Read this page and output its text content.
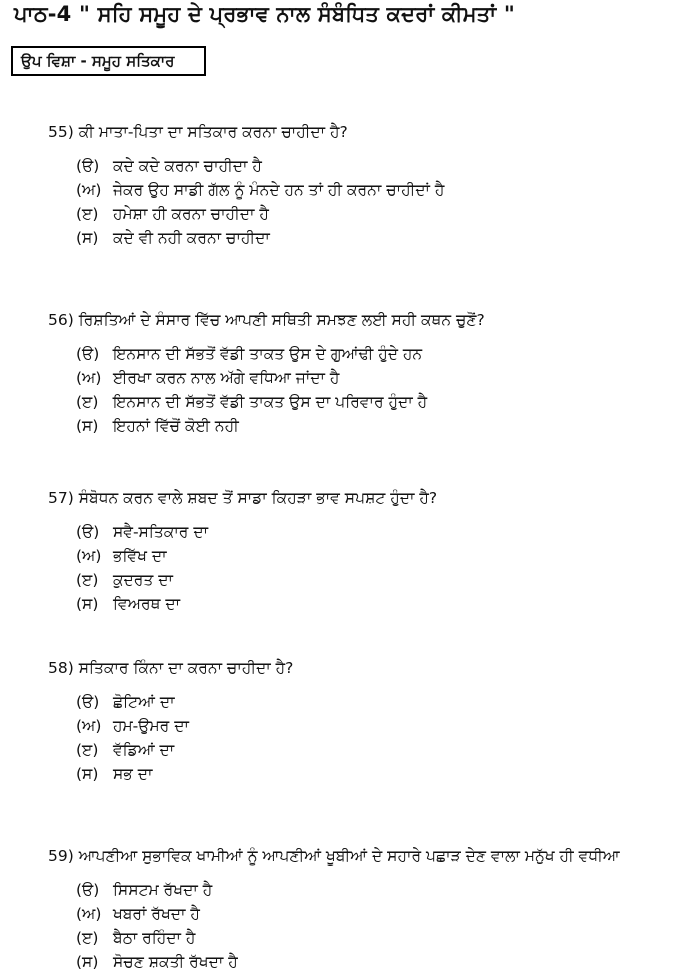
ਪਾਠ-4 " ਸਹਿ ਸਮੂਹ ਦੇ ਪ੍ਰਭਾਵ ਨਾਲ ਸੰਬੰਧਿਤ ਕਦਰਾਂ ਕੀਮਤਾਂ "
ਉਪ ਵਿਸ਼ਾ - ਸਮੂਹ ਸਤਿਕਾਰ
55) ਕੀ ਮਾਤਾ-ਪਿਤਾ ਦਾ ਸਤਿਕਾਰ ਕਰਨਾ ਚਾਹੀਦਾ ਹੈ?
(ੳ) ਕਦੇ ਕਦੇ ਕਰਨਾ ਚਾਹੀਦਾ ਹੈ
(ਅ) ਜੇਕਰ ਉਹ ਸਾਡੀ ਗੱਲ ਨੂੰ ਮੰਨਦੇ ਹਨ ਤਾਂ ਹੀ ਕਰਨਾ ਚਾਹੀਦਾਂ ਹੈ
(ੲ) ਹਮੇਸ਼ਾ ਹੀ ਕਰਨਾ ਚਾਹੀਦਾ ਹੈ
(ਸ) ਕਦੇ ਵੀ ਨਹੀ ਕਰਨਾ ਚਾਹੀਦਾ
56) ਰਿਸ਼ਤਿਆਂ ਦੇ ਸੰਸਾਰ ਵਿੱਚ ਆਪਣੀ ਸਥਿਤੀ ਸਮਝਣ ਲਈ ਸਹੀ ਕਥਨ ਚੁਣੋਂ?
(ੳ) ਇਨਸਾਨ ਦੀ ਸੱਭਤੋਂ ਵੱਡੀ ਤਾਕਤ ਉਸ ਦੇ ਗੁਆਂਢੀ ਹੁੰਦੇ ਹਨ
(ਅ) ਈਰਖਾ ਕਰਨ ਨਾਲ ਅੱਗੇ ਵਧਿਆ ਜਾਂਦਾ ਹੈ
(ੲ) ਇਨਸਾਨ ਦੀ ਸੱਭਤੋਂ ਵੱਡੀ ਤਾਕਤ ਉਸ ਦਾ ਪਰਿਵਾਰ ਹੁੰਦਾ ਹੈ
(ਸ) ਇਹਨਾਂ ਵਿੱਚੋਂ ਕੋਈ ਨਹੀ
57) ਸੰਬੋਧਨ ਕਰਨ ਵਾਲੇ ਸ਼ਬਦ ਤੋਂ ਸਾਡਾ ਕਿਹੜਾ ਭਾਵ ਸਪਸ਼ਟ ਹੁੰਦਾ ਹੈ?
(ੳ) ਸਵੈ-ਸਤਿਕਾਰ ਦਾ
(ਅ) ਭਵਿੱਖ ਦਾ
(ੲ) ਕੁਦਰਤ ਦਾ
(ਸ) ਵਿਅਰਥ ਦਾ
58) ਸਤਿਕਾਰ ਕਿੰਨਾ ਦਾ ਕਰਨਾ ਚਾਹੀਦਾ ਹੈ?
(ੳ) ਛੋਟਿਆਂ ਦਾ
(ਅ) ਹਮ-ਉਮਰ ਦਾ
(ੲ) ਵੱਡਿਆਂ ਦਾ
(ਸ) ਸਭ ਦਾ
59) ਆਪਣੀਆ ਸੁਭਾਵਿਕ ਖਾਮੀਆਂ ਨੂੰ ਆਪਣੀਆਂ ਖੂਬੀਆਂ ਦੇ ਸਹਾਰੇ ਪਛਾੜ ਦੇਣ ਵਾਲਾ ਮਨੁੱਖ ਹੀ ਵਧੀਆ
(ੳ) ਸਿਸਟਮ ਰੱਖਦਾ ਹੈ
(ਅ) ਖਬਰਾਂ ਰੱਖਦਾ ਹੈ
(ੲ) ਬੈਠਾ ਰਹਿੰਦਾ ਹੈ
(ਸ) ਸੋਚਣ ਸ਼ਕਤੀ ਰੱਖਦਾ ਹੈ
